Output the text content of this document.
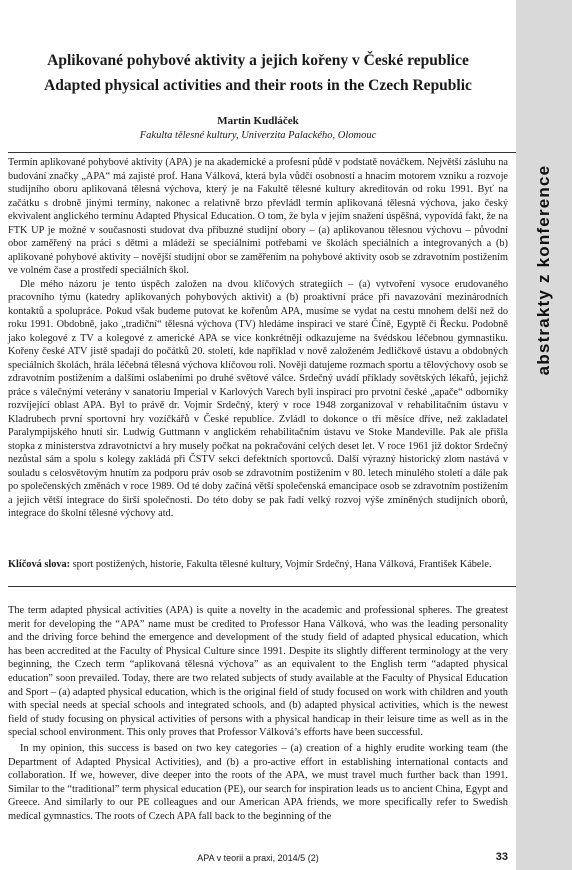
abstrakty z konference
Aplikované pohybové aktivity a jejich kořeny v České republice
Adapted physical activities and their roots in the Czech Republic
Martin Kudláček
Fakulta tělesné kultury, Univerzita Palackého, Olomouc

Termín aplikované pohybové aktivity (APA) je na akademické a profesní půdě v podstatě nováčkem. Největší zásluhu na budování značky „APA“ má zajisté prof. Hana Válková, která byla vůdčí osobností a hnacím motorem vzniku a rozvoje studijního oboru aplikovaná tělesná výchova, který je na Fakultě tělesné kultury akreditován od roku 1991. Byť na začátku s drobně jinými termíny, nakonec a relativně brzo převládl termín aplikovaná tělesná výchova, jako český ekvivalent anglického termínu Adapted Physical Education. O tom, že byla v jejím snažení úspěšná, vypovídá fakt, že na FTK UP je možné v současnosti studovat dva příbuzné studijní obory – (a) aplikovanou tělesnou výchovu – původní obor zaměřený na práci s dětmi a mládeží se speciálními potřebami ve školách speciálních a integrovaných a (b) aplikované pohybové aktivity – novější studijní obor se zaměřením na pohybové aktivity osob se zdravotním postižením ve volném čase a prostředí speciálních škol.

Dle mého názoru je tento úspěch založen na dvou klíčových strategiích – (a) vytvoření vysoce erudovaného pracovního týmu (katedry aplikovaných pohybových aktivit) a (b) proaktivní práce při navazování mezinárodních kontaktů a spolupráce. Pokud však budeme putovat ke kořenům APA, musíme se vydat na cestu mnohem delší než do roku 1991. Obdobně, jako „tradiční“ tělesná výchova (TV) hledáme inspiraci ve staré Číně, Egyptě či Řecku. Podobně jako kolegové z TV a kolegové z americké APA se vice konkrétněji odkazujeme na švédskou léčebnou gymnastiku. Kořeny české ATV jistě spadají do počátků 20. století, kde například v nově založeném Jedličkově ústavu a obdobných speciálních školách, hrála léčebná tělesná výchova klíčovou roli. Nověji datujeme rozmach sportu a tělovýchovy osob se zdravotním postižením a dalšími oslabeními po druhé světové válce. Srdečný uvádí příklady sovětských lékařů, jejichž práce s válečnými veterány v sanatoriu Imperial v Karlových Varech byli inspirací pro prvotní české „apače“ odborníky rozvíjející oblast APA. Byl to právě dr. Vojmír Srdečný, který v roce 1948 zorganizoval v rehabilitačním ústavu v Kladrubech první sportovní hry vozíčkářů v České republice. Zvládl to dokonce o tři měsíce dříve, než zakladatel Paralympijského hnutí sir. Ludwig Guttmann v anglickém rehabilitačním ústavu ve Stoke Mandeville. Pak ale přišla stopka z ministerstva zdravotnictví a hry musely počkat na pokračování celých deset let. V roce 1961 již doktor Srdečný nezůstal sám a spolu s kolegy zakládá při ČSTV sekci defektních sportovců. Další výrazný historický zlom nastává v souladu s celosvětovým hnutím za podporu práv osob se zdravotním postižením v 80. letech minulého století a dále pak po společenských změnách v roce 1989. Od té doby začíná větší společenská emancipace osob se zdravotním postižením a jejich větší integrace do širší společnosti. Do této doby se pak řadí velký rozvoj výše zmíněných studijních oborů, integrace do školní tělesné výchovy atd.

Klíčová slova: sport postižených, historie, Fakulta tělesné kultury, Vojmír Srdečný, Hana Válková, František Kábele.

The term adapted physical activities (APA) is quite a novelty in the academic and professional spheres. The greatest merit for developing the “APA” name must be credited to Professor Hana Válková, who was the leading personality and the driving force behind the emergence and development of the study field of adapted physical education, which has been accredited at the Faculty of Physical Culture since 1991. Despite its slightly different terminology at the very beginning, the Czech term “aplikovaná tělesná výchova” as an equivalent to the English term “adapted physical education” soon prevailed. Today, there are two related subjects of study available at the Faculty of Physical Education and Sport – (a) adapted physical education, which is the original field of study focused on work with children and youth with special needs at special schools and integrated schools, and (b) adapted physical activities, which is the newest field of study focusing on physical activities of persons with a physical handicap in their leisure time as well as in the special school environment. This only proves that Professor Válková’s efforts have been successful.

In my opinion, this success is based on two key categories – (a) creation of a highly erudite working team (the Department of Adapted Physical Activities), and (b) a pro-active effort in establishing international contacts and collaboration. If we, however, dive deeper into the roots of the APA, we must travel much further back than 1991. Similar to the “traditional” term physical education (PE), our search for inspiration leads us to ancient China, Egypt and Greece. And similarly to our PE colleagues and our American APA friends, we more specifically refer to Swedish medical gymnastics. The roots of Czech APA fall back to the beginning of the

APA v teorii a praxi, 2014/5 (2)	33
